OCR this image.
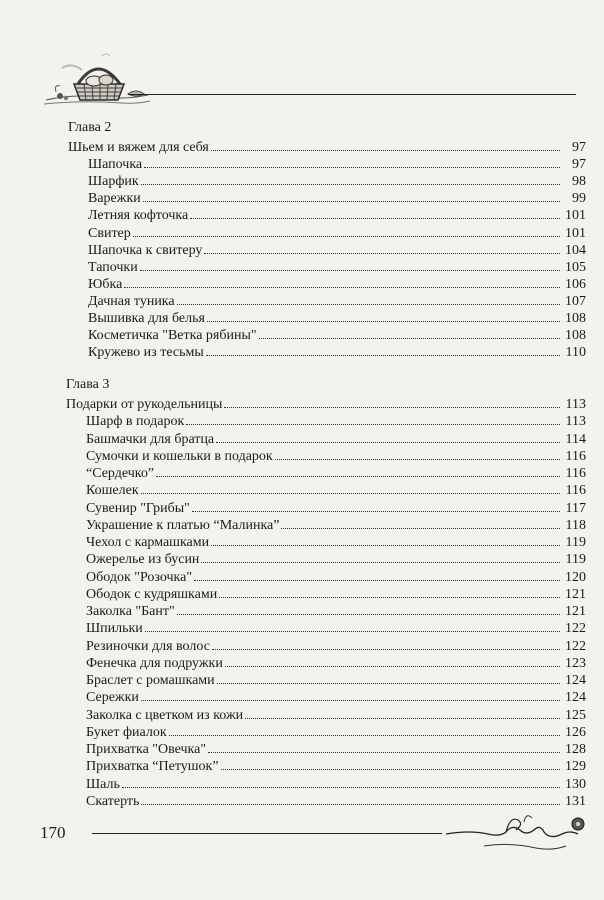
Глава 2
Шьем и вяжем для себя	97
Шапочка	97
Шарфик	98
Варежки	99
Летняя кофточка	101
Свитер	101
Шапочка к свитеру	104
Тапочки	105
Юбка	106
Дачная туника	107
Вышивка для белья	108
Косметичка "Ветка рябины"	108
Кружево из тесьмы	110
Глава 3
Подарки от рукодельницы	113
Шарф в подарок	113
Башмачки для братца	114
Сумочки и кошельки в подарок	116
“Сердечко”	116
Кошелек	116
Сувенир "Грибы"	117
Украшение к платью “Малинка”	118
Чехол с кармашками	119
Ожерелье из бусин	119
Ободок "Розочка"	120
Ободок с кудряшками	121
Заколка "Бант"	121
Шпильки	122
Резиночки для волос	122
Фенечка для подружки	123
Браслет с ромашками	124
Сережки	124
Заколка с цветком из кожи	125
Букет фиалок	126
Прихватка "Овечка"	128
Прихватка “Петушок”	129
Шаль	130
Скатерть	131
170
